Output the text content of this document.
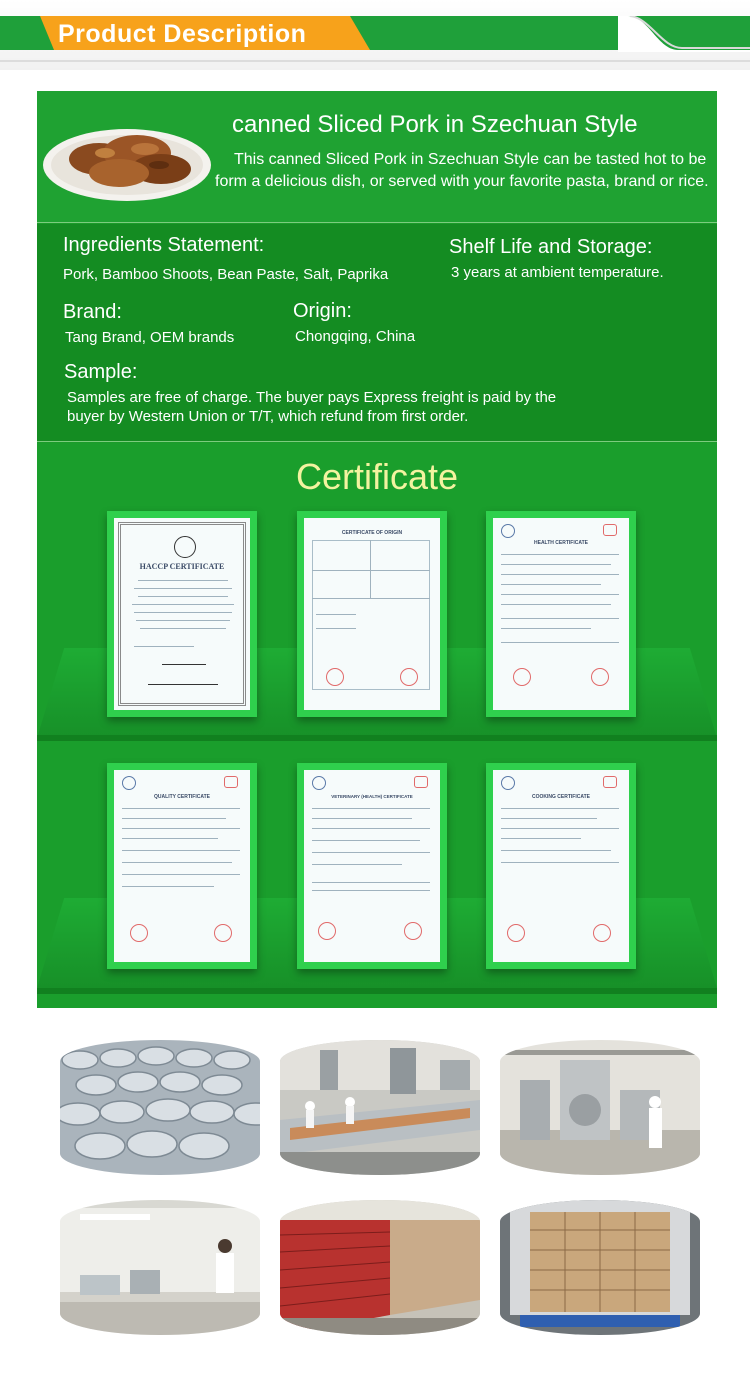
Product Description
canned Sliced Pork in Szechuan Style
This canned Sliced Pork in Szechuan Style can be tasted hot to be form a delicious dish, or served with your favorite pasta, brand or rice.
Ingredients Statement:
Pork, Bamboo Shoots, Bean Paste, Salt, Paprika
Shelf Life and Storage:
3 years at ambient temperature.
Brand:
Tang Brand, OEM brands
Origin:
Chongqing, China
Sample:
Samples are free of charge. The buyer pays Express freight is paid by the buyer by Western Union or T/T, which refund from first order.
Certificate
HACCP CERTIFICATE
CERTIFICATE OF ORIGIN
HEALTH CERTIFICATE
QUALITY CERTIFICATE	VETERINARY (HEALTH) CERTIFICATE	COOKING CERTIFICATE
